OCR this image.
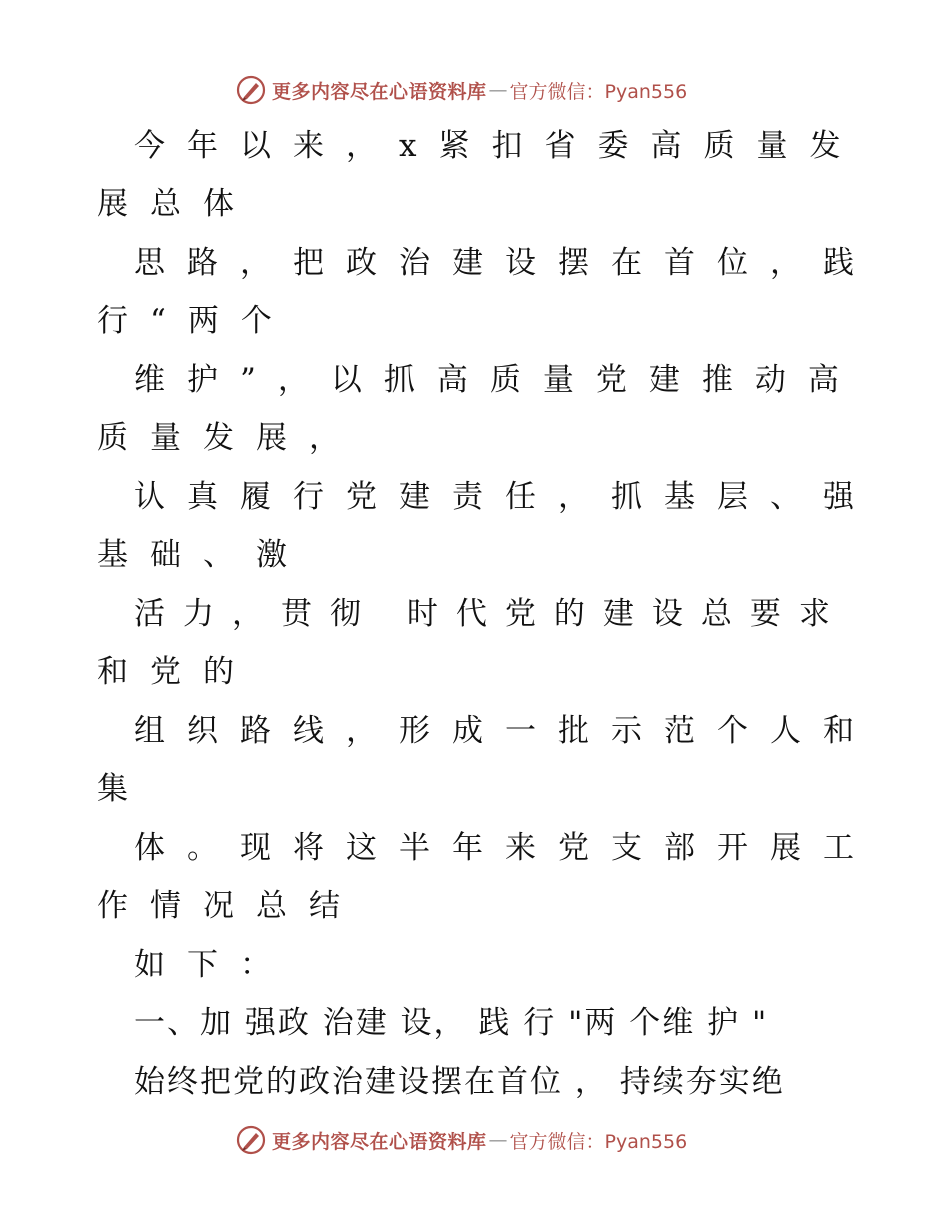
更多内容尽在心语资料库 — 官方微信：Pyan556
今年以来，x紧扣省委高质量发
展总体
思路，把政治建设摆在首位，践
行“两个
维护”，以抓高质量党建推动高
质量发展，
认真履行党建责任，抓基层、强
基础、激
活力，贯彻 时代党的建设总要求
和党的
组织路线，形成一批示范个人和
集
体。现将这半年来党支部开展工
作情况总结
如下：
一、加 强政 治建 设， 践 行 "两 个维 护 "
始终把党的政治建设摆在首位 ， 持续夯实绝
更多内容尽在心语资料库 — 官方微信：Pyan556
